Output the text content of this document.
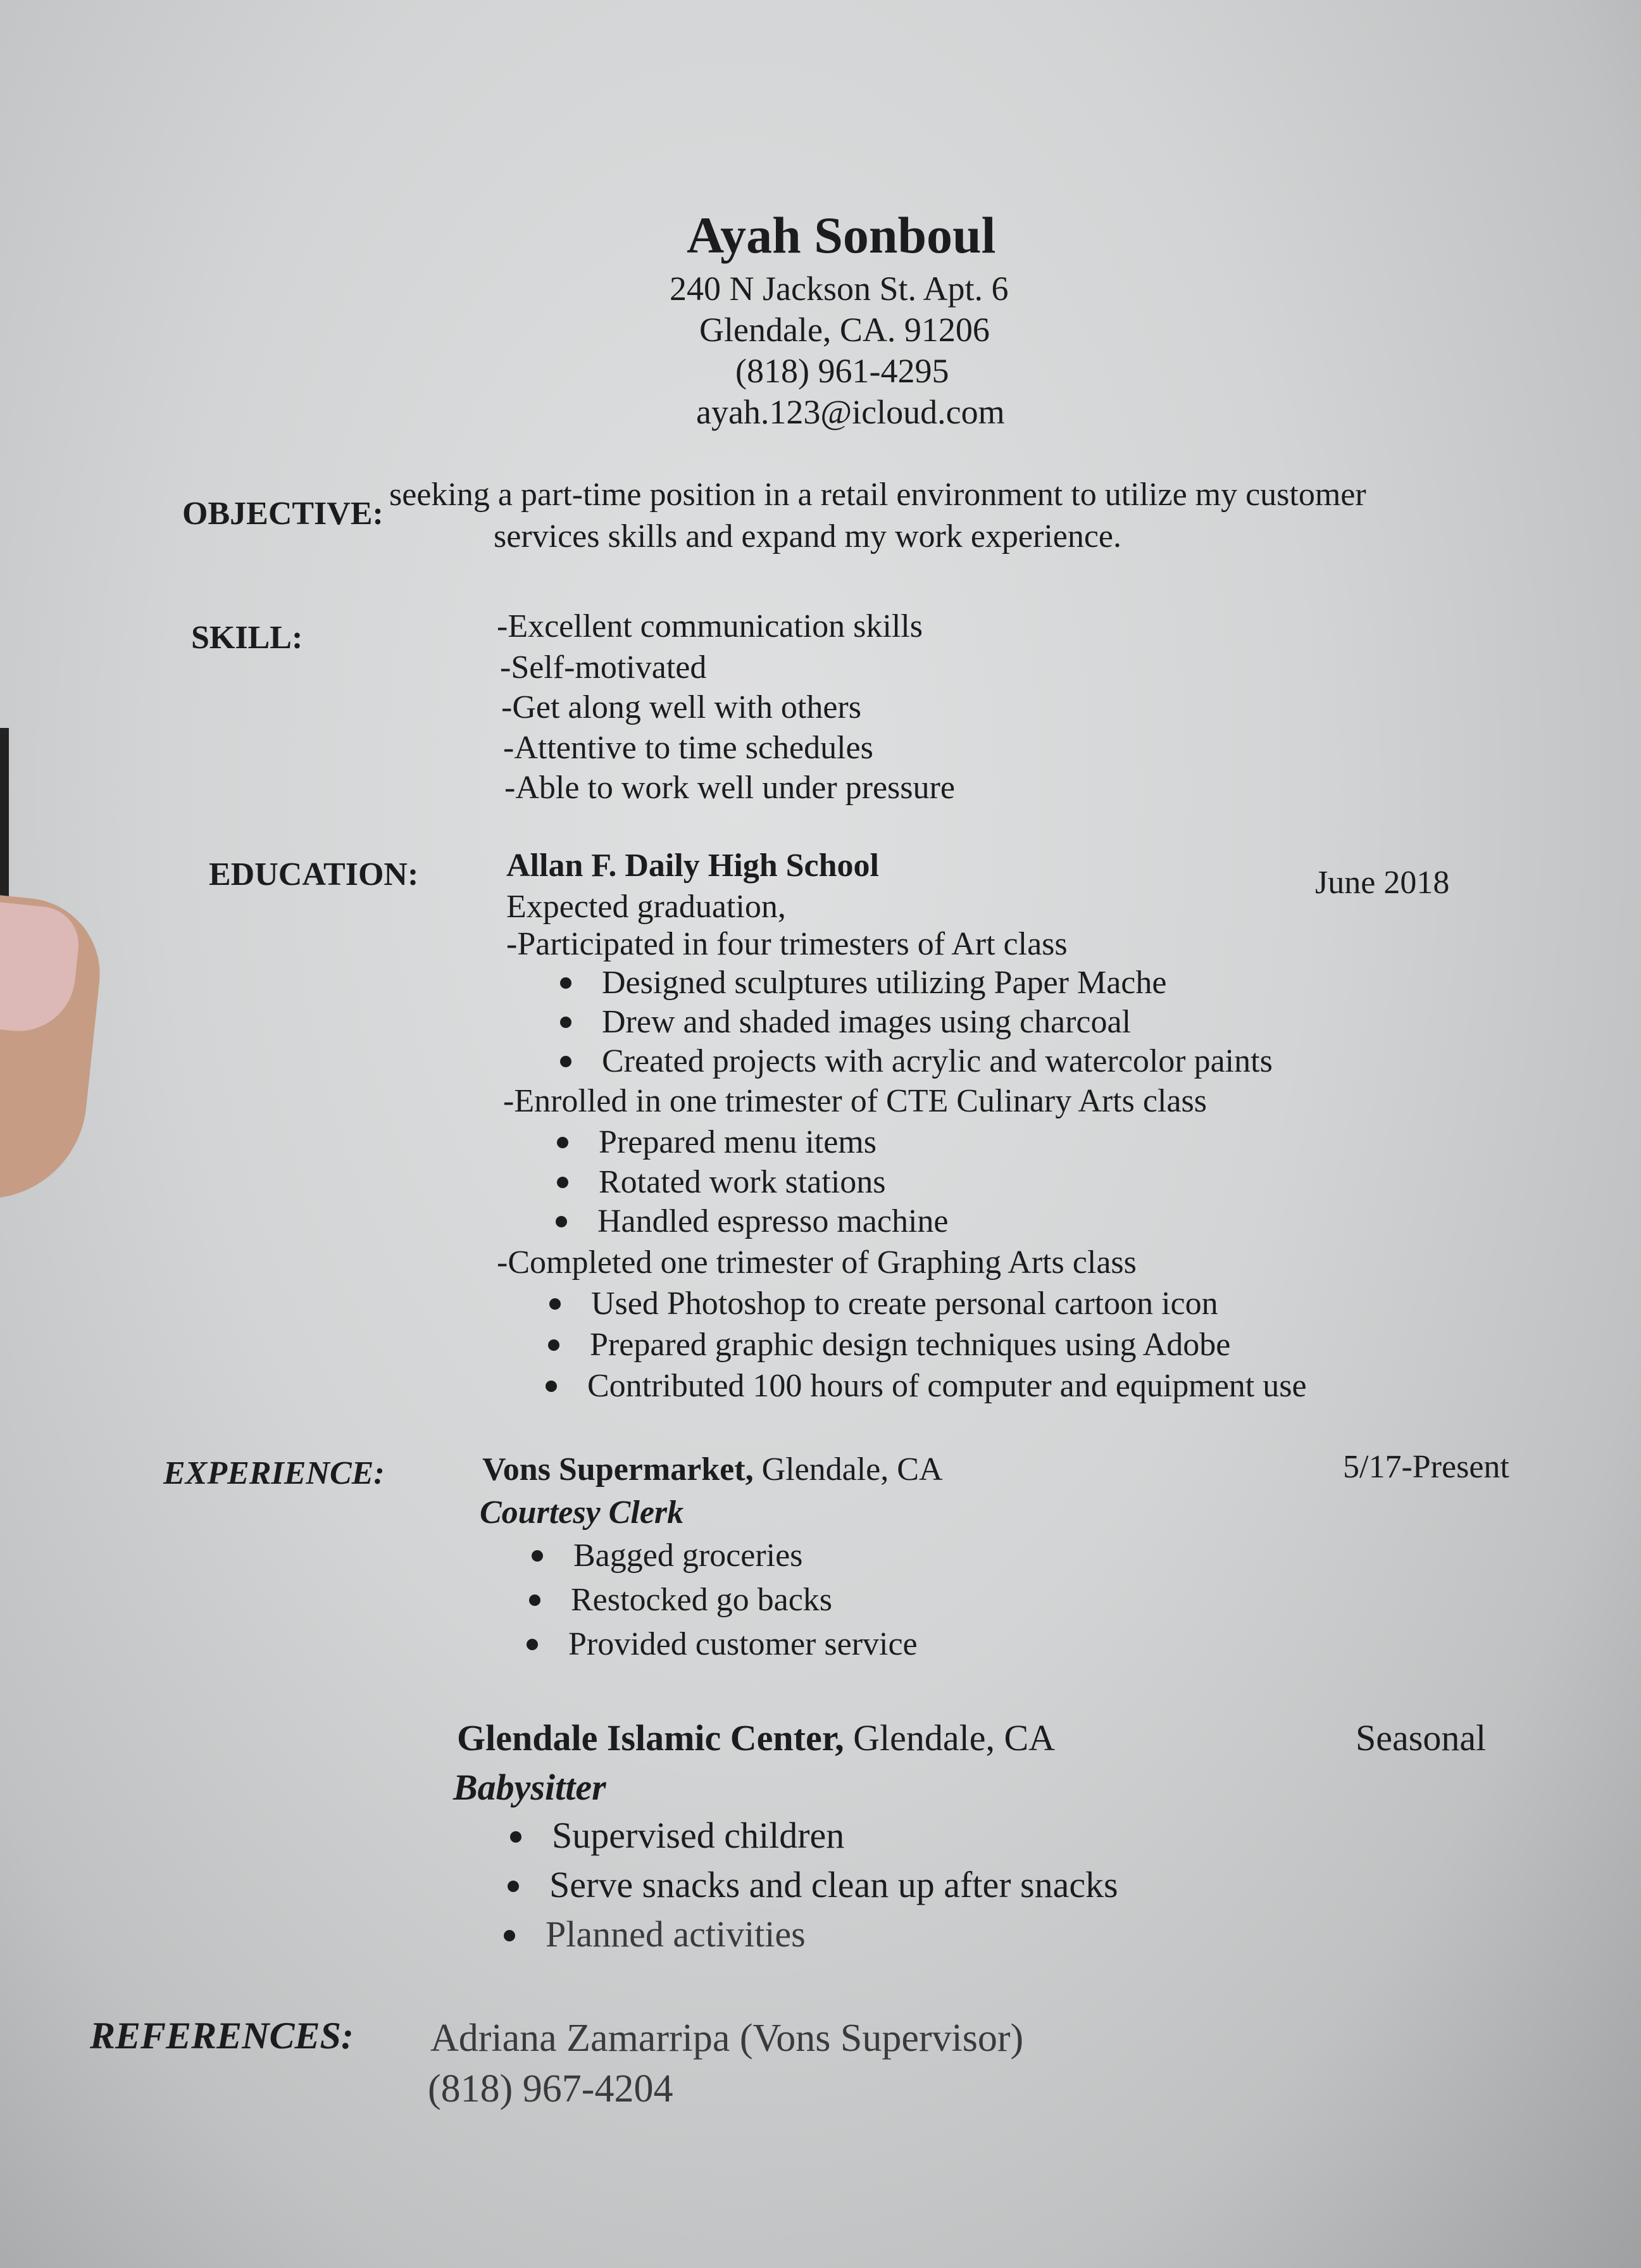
Ayah Sonboul
240 N Jackson St. Apt. 6
Glendale, CA. 91206
(818) 961-4295
ayah.123@icloud.com
OBJECTIVE:
seeking a part-time position in a retail environment to utilize my customer
services skills and expand my work experience.
SKILL:	-Excellent communication skills
-Self-motivated
-Get along well with others
-Attentive to time schedules
-Able to work well under pressure
EDUCATION:	Allan F. Daily High School	June 2018
Expected graduation,
-Participated in four trimesters of Art class
Designed sculptures utilizing Paper Mache
Drew and shaded images using charcoal
Created projects with acrylic and watercolor paints
-Enrolled in one trimester of CTE Culinary Arts class
Prepared menu items
Rotated work stations
Handled espresso machine
-Completed one trimester of Graphing Arts class
Used Photoshop to create personal cartoon icon
Prepared graphic design techniques using Adobe
Contributed 100 hours of computer and equipment use
EXPERIENCE:	Vons Supermarket, Glendale, CA	5/17-Present
Courtesy Clerk
Bagged groceries
Restocked go backs
Provided customer service
Glendale Islamic Center, Glendale, CA	Seasonal
Babysitter
Supervised children
Serve snacks and clean up after snacks
Planned activities
REFERENCES: Adriana Zamarripa (Vons Supervisor)
(818) 967-4204
